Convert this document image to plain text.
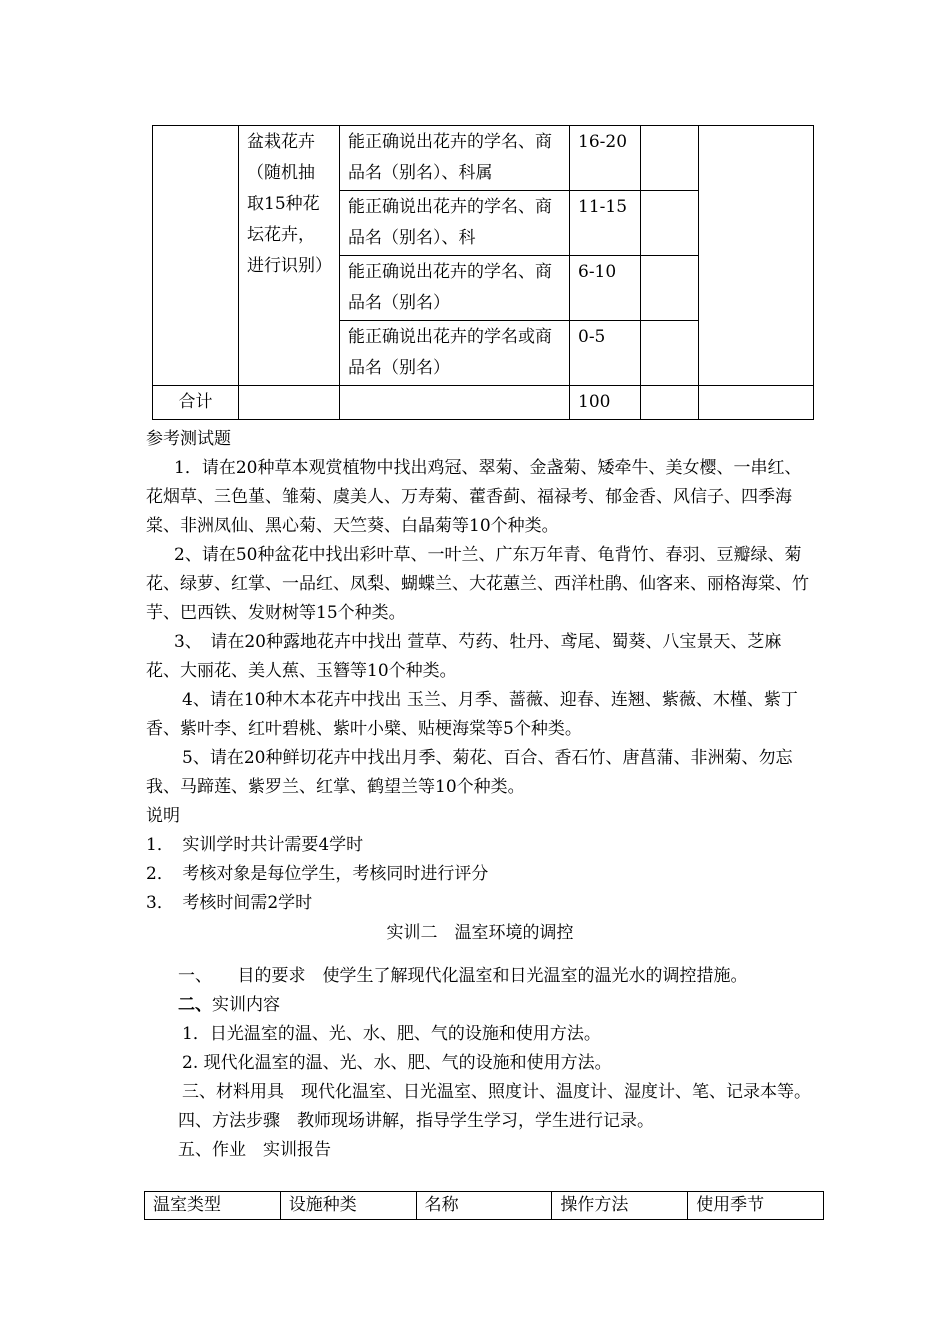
	盆栽花卉（随机抽取15种花坛花卉，进行识别）	能正确说出花卉的学名、商品名（别名）、科属	16-20		
		能正确说出花卉的学名、商品名（别名）、科	11-15		
		能正确说出花卉的学名、商品名（别名）	6-10		
		能正确说出花卉的学名或商品名（别名）	0-5		
合计			100		

参考测试题

1．请在20种草本观赏植物中找出鸡冠、翠菊、金盏菊、矮牵牛、美女樱、一串红、花烟草、三色堇、雏菊、虞美人、万寿菊、藿香蓟、福禄考、郁金香、风信子、四季海棠、非洲凤仙、黑心菊、天竺葵、白晶菊等10个种类。

2、请在50种盆花中找出彩叶草、一叶兰、广东万年青、龟背竹、春羽、豆瓣绿、菊花、绿萝、红掌、一品红、凤梨、蝴蝶兰、大花蕙兰、西洋杜鹃、仙客来、丽格海棠、竹芋、巴西铁、发财树等15个种类。

3、　请在20种露地花卉中找出 萱草、芍药、牡丹、鸢尾、蜀葵、八宝景天、芝麻花、大丽花、美人蕉、玉簪等10个种类。

4、请在10种木本花卉中找出 玉兰、月季、蔷薇、迎春、连翘、紫薇、木槿、紫丁香、紫叶李、红叶碧桃、紫叶小檗、贴梗海棠等5个种类。

5、请在20种鲜切花卉中找出月季、菊花、百合、香石竹、唐菖蒲、非洲菊、勿忘我、马蹄莲、紫罗兰、红掌、鹤望兰等10个种类。

说明

1．　实训学时共计需要4学时

2．　考核对象是每位学生，考核同时进行评分

3．　考核时间需2学时

实训二　温室环境的调控

一、　　目的要求　使学生了解现代化温室和日光温室的温光水的调控措施。

二、实训内容

1．日光温室的温、光、水、肥、气的设施和使用方法。

2. 现代化温室的温、光、水、肥、气的设施和使用方法。

三、材料用具　现代化温室、日光温室、照度计、温度计、湿度计、笔、记录本等。

四、方法步骤　教师现场讲解，指导学生学习，学生进行记录。

五、作业　实训报告

温室类型	设施种类	名称	操作方法	使用季节
